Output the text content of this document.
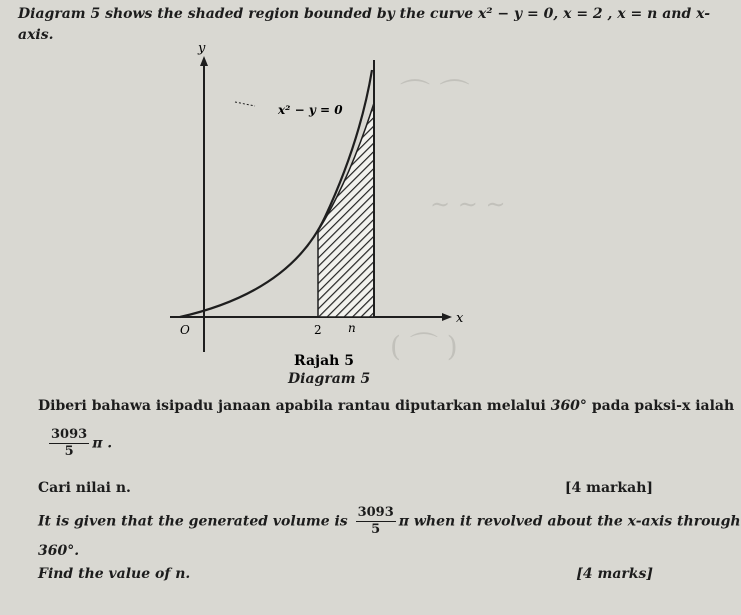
⌒ ⌒
∼ ∼ ∼
( ⌒ )
Diagram 5 shows the shaded region bounded by the curve x² − y = 0, x = 2 , x = n and x-
axis.
y
x
x² − y = 0
O	2 n
Rajah 5
Diagram 5
Diberi bahawa isipadu janaan apabila rantau diputarkan melalui 360° pada paksi-x ialah
$\frac{3093}{5}$ π .
Cari nilai n.	[4 markah]
It is given that the generated volume is $\frac{3093}{5}$ π when it revolved about the x-axis through
360°.
Find the value of n.	[4 marks]
